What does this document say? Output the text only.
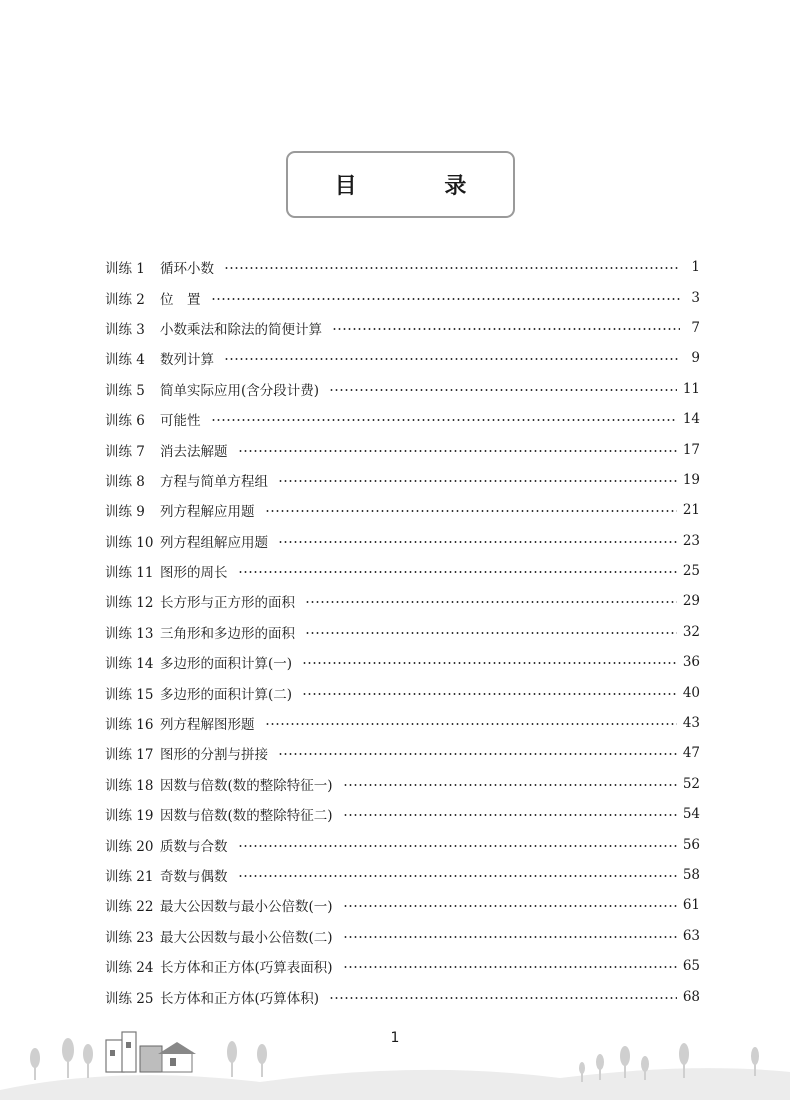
目 录
训练 1	循环小数	1
训练 2	位　置	3
训练 3	小数乘法和除法的简便计算	7
训练 4	数列计算	9
训练 5	简单实际应用(含分段计费)	11
训练 6	可能性	14
训练 7	消去法解题	17
训练 8	方程与简单方程组	19
训练 9	列方程解应用题	21
训练 10 列方程组解应用题	23
训练 11 图形的周长	25
训练 12 长方形与正方形的面积	29
训练 13 三角形和多边形的面积	32
训练 14 多边形的面积计算(一)	36
训练 15 多边形的面积计算(二)	40
训练 16 列方程解图形题	43
训练 17 图形的分割与拼接	47
训练 18 因数与倍数(数的整除特征一)	52
训练 19 因数与倍数(数的整除特征二)	54
训练 20 质数与合数	56
训练 21 奇数与偶数	58
训练 22 最大公因数与最小公倍数(一)	61
训练 23 最大公因数与最小公倍数(二)	63
训练 24 长方体和正方体(巧算表面积)	65
训练 25 长方体和正方体(巧算体积)	68
1
